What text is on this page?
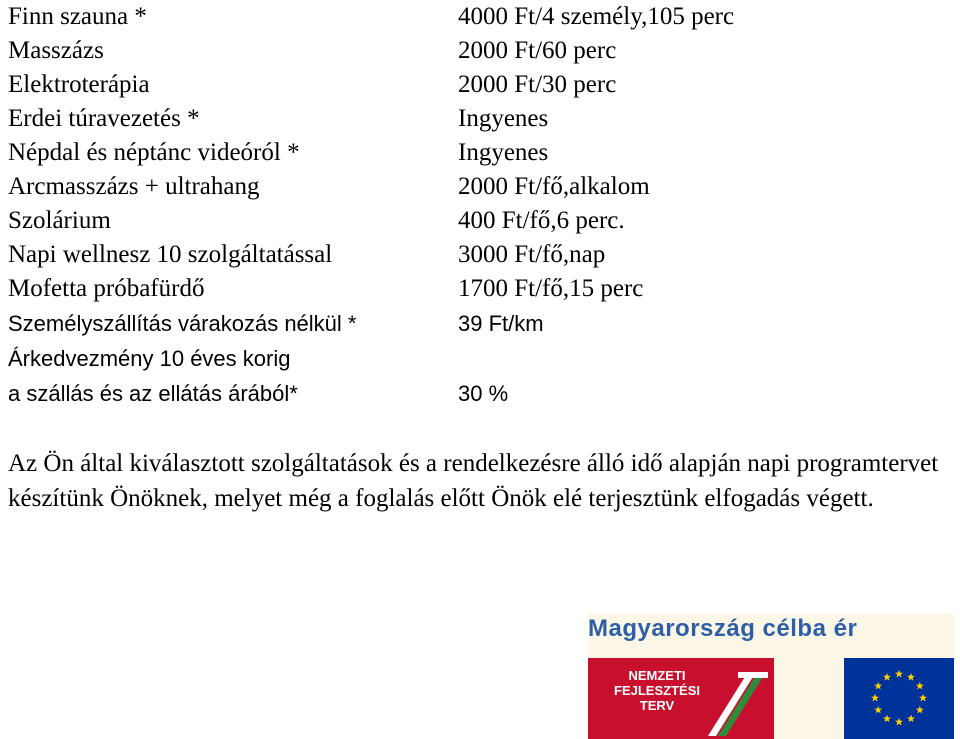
Finn szauna *	4000 Ft/4 személy,105 perc
Masszázs	2000 Ft/60 perc
Elektroterápia	2000 Ft/30 perc
Erdei túravezetés *	Ingyenes
Népdal és néptánc videóról *	Ingyenes
Arcmasszázs + ultrahang	2000 Ft/fő,alkalom
Szolárium	400 Ft/fő,6 perc.
Napi wellnesz 10 szolgáltatással	3000 Ft/fő,nap
Mofetta próbafürdő	1700 Ft/fő,15 perc
Személyszállítás várakozás nélkül *	39 Ft/km
Árkedvezmény 10 éves korig
a szállás és az ellátás árából*	30 %
Az Ön által kiválasztott szolgáltatások és a rendelkezésre álló idő alapján napi programtervet készítünk Önöknek, melyet még a foglalás előtt Önök elé terjesztünk elfogadás végett.
Magyarország célba ér
NEMZETI
FEJLESZTÉSI
TERV
